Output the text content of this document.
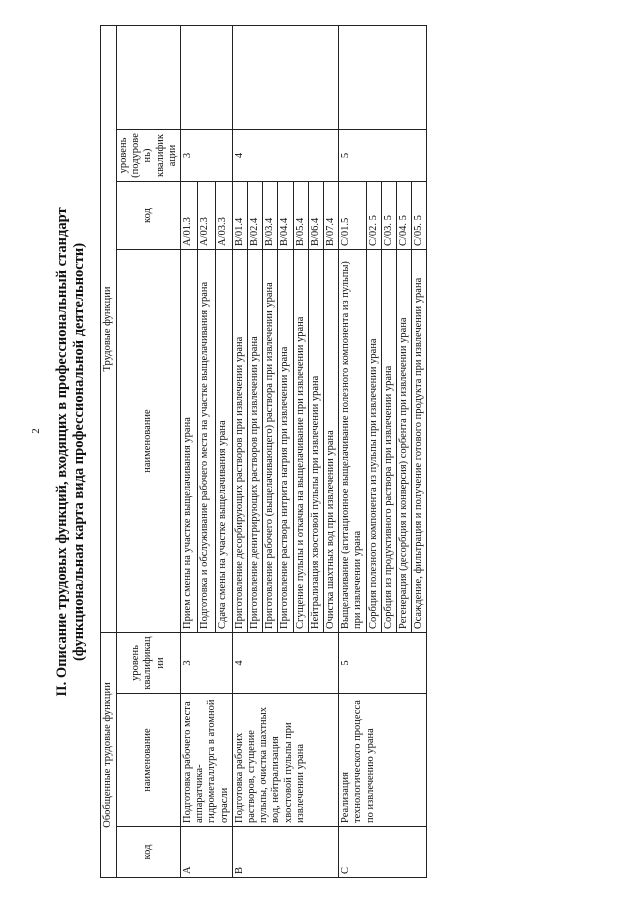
2 II. Описание трудовых функций, входящих в профессиональный стандарт (функциональная карта вида профессиональной деятельности)
Обобщенные трудовые функции			Трудовые функции			
код	наименование	уровень квалификации	наименование	код	уровень (подуровень) квалификации	
A	Подготовка рабочего места аппаратчика-гидрометаллурга в атомной отрасли	3	Прием смены на участке выщелачивания урана	A/01.3	3	
			Подготовка и обслуживание рабочего места на участке выщелачивания урана	A/02.3		
			Сдача смены на участке выщелачивания урана	A/03.3		
B	Подготовка рабочих растворов, сгущение пульпы, очистка шахтных вод, нейтрализация хвостовой пульпы при извлечении урана	4	Приготовление десорбирующих растворов при извлечении урана	B/01.4	4	
			Приготовление денитрирующих растворов при извлечении урана	B/02.4		
			Приготовление рабочего (выщелачивающего) раствора при извлечении урана	B/03.4		
			Приготовление раствора нитрита натрия при извлечении урана	B/04.4		
			Сгущение пульпы и откачка на выщелачивание при извлечении урана	B/05.4		
			Нейтрализация хвостовой пульпы при извлечении урана	B/06.4		
			Очистка шахтных вод при извлечении урана	B/07.4		
C	Реализация технологического процесса по извлечению урана	5	Выщелачивание (агитационное выщелачивание полезного компонента из пульпы) при извлечении урана	C/01.5	5	
			Сорбция полезного компонента из пульпы при извлечении урана	C/02. 5		
			Сорбция из продуктивного раствора при извлечении урана	C/03. 5		
			Регенерация (десорбция и конверсия) сорбента при извлечении урана	C/04. 5		
			Осаждение, фильтрация и получение готового продукта при извлечении урана	C/05. 5		
